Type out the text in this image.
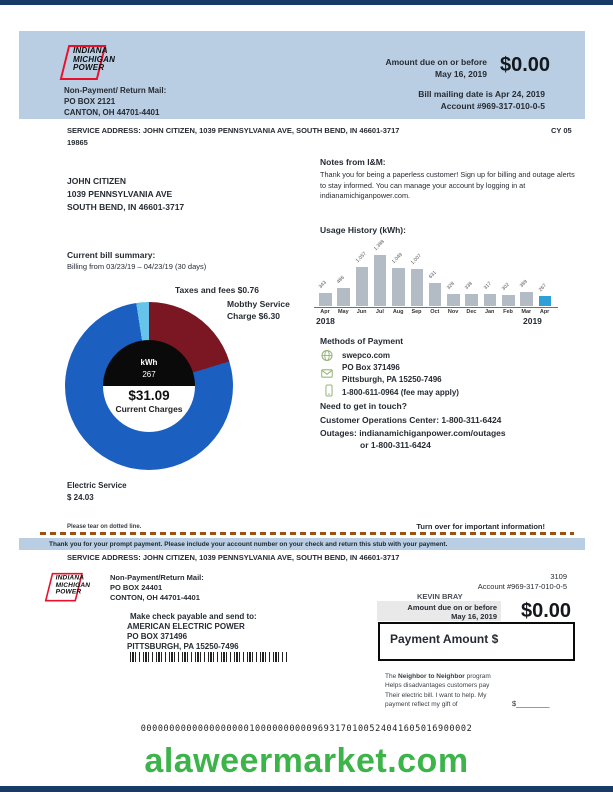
INDIANA
MICHIGAN
POWER
Non-Payment/ Return Mail:
PO BOX 2121
CANTON, OH 44701-4401
Amount due on or before
May 16, 2019 $0.00
Bill mailing date is Apr 24, 2019
Account #969-317-010-0-5
SERVICE ADDRESS: JOHN CITIZEN, 1039 PENNSYLVANIA AVE, SOUTH BEND, IN 46601-3717	CY 05
19865
JOHN CITIZEN
1039 PENNSYLVANIA AVE
SOUTH BEND, IN 46601-3717
Notes from I&M:
Thank you for being a paperless customer! Sign up for billing and outage alerts to stay informed. You can manage your account by logging in at indianamichiganpower.com.
Current bill summary:
Billing from 03/23/19 – 04/23/19 (30 days)
Usage History (kWh):
2018	2019
343
Apr
486
May
1,057
Jun
1,388
Jul
1,049
Aug
1,007
Sep
631
Oct
328
Nov
338
Dec
317
Jan
302
Feb
389
Mar
267
Apr
kWh
267
$31.09
Current Charges
Taxes and fees $0.76
Mobthy Service
Charge $6.30
Electric Service
$ 24.03
Methods of Payment
swepco.com
PO Box 371496
Pittsburgh, PA 15250-7496
1-800-611-0964 (fee may apply)
Need to get in touch?
Customer Operations Center: 1-800-311-6424
Outages: indianamichiganpower.com/outages
or 1-800-311-6424
Please tear on dotted line.	Turn over for important information!
Thank you for your prompt payment. Please include your account number on your check and return this stub with your payment.
SERVICE ADDRESS: JOHN CITIZEN, 1039 PENNSYLVANIA AVE, SOUTH BEND, IN 46601-3717
INDIANA
MICHIGAN
POWER
Non-Payment/Return Mail:
PO BOX 24401
CONTON, OH 44701-4401
Make check payable and send to:
AMERICAN ELECTRIC POWER
PO BOX 371496
PITTSBURGH, PA 15250-7496
3109
Account #969-317-010-0-5
KEVIN BRAY
Amount due on or before
May 16, 2019 $0.00
Payment Amount $
The Neighbor to Neighbor program
Helps disadvantages customers pay
Their electric bill. I want to help. My
payment reflect my gift of	$________
0000000000000000000100000000009693170100524041605016900002
alaweermarket.com
